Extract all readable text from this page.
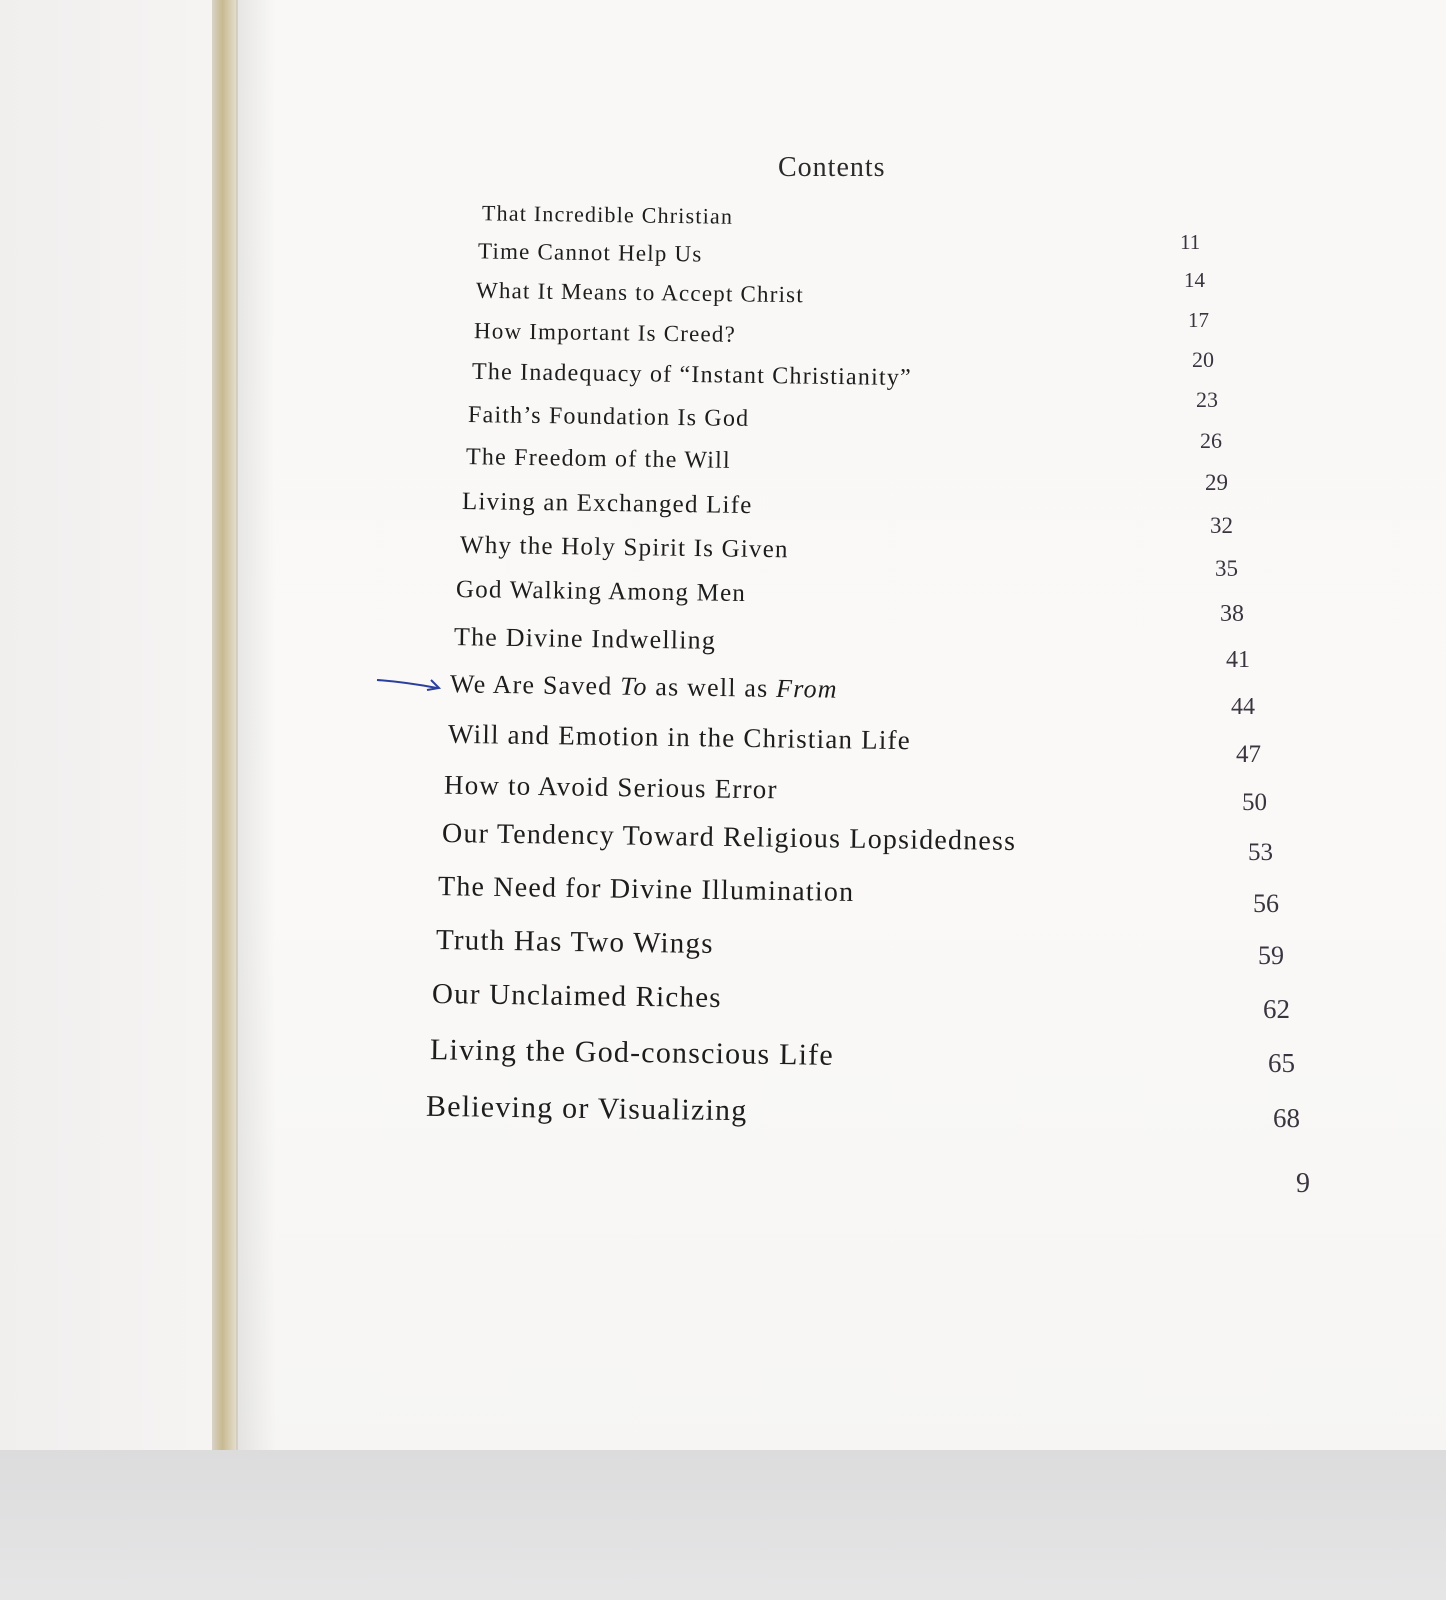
Contents
That Incredible Christian
Time Cannot Help Us
What It Means to Accept Christ
How Important Is Creed?
The Inadequacy of “Instant Christianity”
Faith’s Foundation Is God
The Freedom of the Will
Living an Exchanged Life
Why the Holy Spirit Is Given
God Walking Among Men
The Divine Indwelling
We Are Saved To as well as From
Will and Emotion in the Christian Life
How to Avoid Serious Error
Our Tendency Toward Religious Lopsidedness
The Need for Divine Illumination
Truth Has Two Wings
Our Unclaimed Riches
Living the God-conscious Life
Believing or Visualizing
11
14
17
20
23
26
29
32
35
38
41
44
47
50
53
56
59
62
65
68
9
